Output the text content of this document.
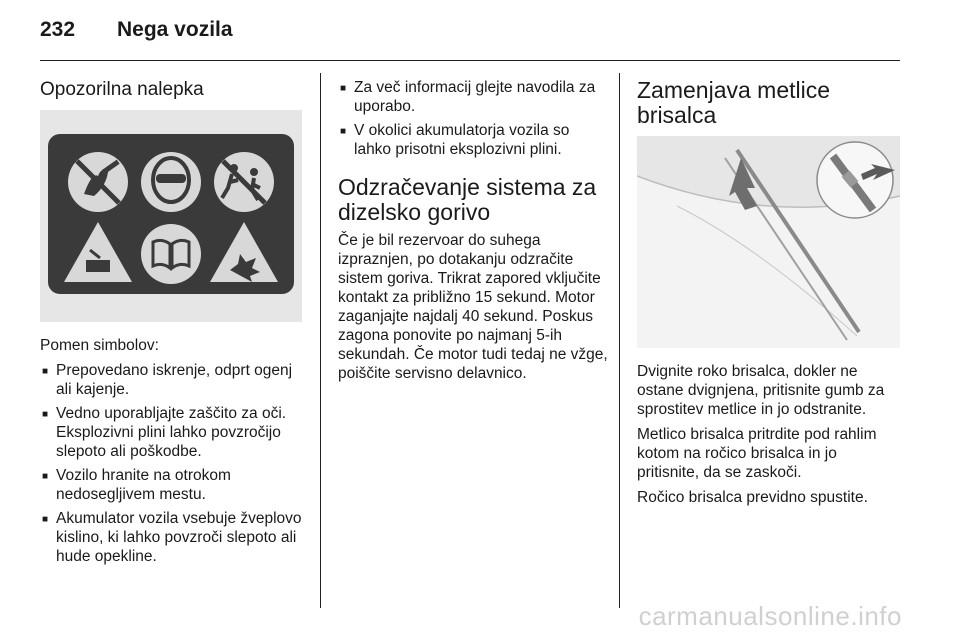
232 Nega vozila
Opozorilna nalepka

Pomen simbolov:

■ Prepovedano iskrenje, odprt ogenj ali kajenje.
■ Vedno uporabljajte zaščito za oči. Eksplozivni plini lahko povzročijo slepoto ali poškodbe.
■ Vozilo hranite na otrokom nedosegljivem mestu.
■ Akumulator vozila vsebuje žveplovo kislino, ki lahko povzroči slepoto ali hude opekline.
■ Za več informacij glejte navodila za uporabo.
■ V okolici akumulatorja vozila so lahko prisotni eksplozivni plini.
Odzračevanje sistema za dizelsko gorivo

Če je bil rezervoar do suhega izpraznjen, po dotakanju odzračite sistem goriva. Trikrat zapored vključite kontakt za približno 15 sekund. Motor zaganjajte najdalj 40 sekund. Poskus zagona ponovite po najmanj 5-ih sekundah. Če motor tudi tedaj ne vžge, poiščite servisno delavnico.

Zamenjava metlice brisalca

Dvignite roko brisalca, dokler ne ostane dvignjena, pritisnite gumb za sprostitev metlice in jo odstranite.

Metlico brisalca pritrdite pod rahlim kotom na ročico brisalca in jo pritisnite, da se zaskoči.

Ročico brisalca previdno spustite.

carmanualsonline.info
